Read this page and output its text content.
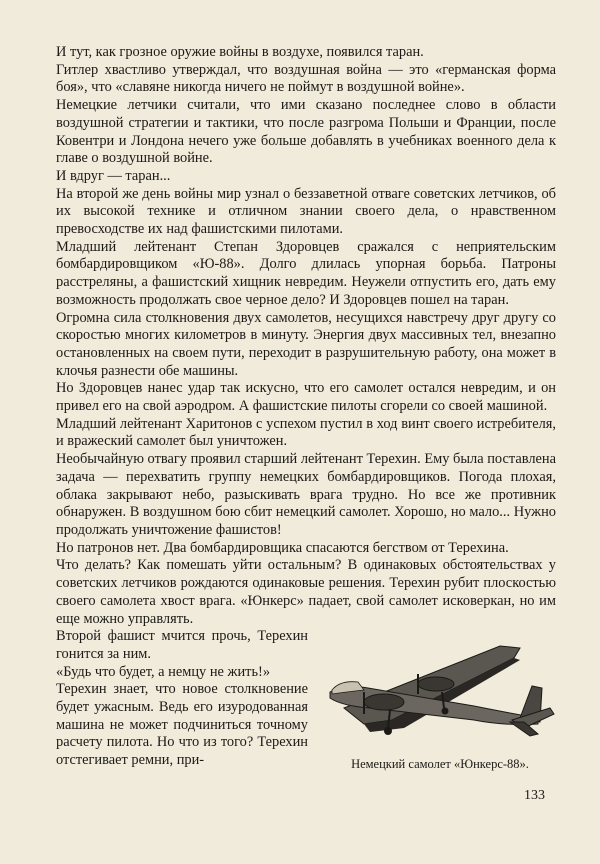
И тут, как грозное оружие войны в воздухе, появился таран.

Гитлер хвастливо утверждал, что воздушная война — это «германская форма боя», что «славяне никогда ничего не поймут в воздушной войне».

Немецкие летчики считали, что ими сказано последнее слово в области воздушной стратегии и тактики, что после разгрома Польши и Франции, после Ковентри и Лондона нечего уже больше добавлять в учебниках военного дела к главе о воздушной войне.

И вдруг — таран...

На второй же день войны мир узнал о беззаветной отваге советских летчиков, об их высокой технике и отличном знании своего дела, о нравственном превосходстве их над фашистскими пилотами.

Младший лейтенант Степан Здоровцев сражался с неприятельским бомбардировщиком «Ю-88». Долго длилась упорная борьба. Патроны расстреляны, а фашистский хищник невредим. Неужели отпустить его, дать ему возможность продолжать свое черное дело? И Здоровцев пошел на таран.

Огромна сила столкновения двух самолетов, несущихся навстречу друг другу со скоростью многих километров в минуту. Энергия двух массивных тел, внезапно остановленных на своем пути, переходит в разрушительную работу, она может в клочья разнести обе машины.

Но Здоровцев нанес удар так искусно, что его самолет остался невредим, и он привел его на свой аэродром. А фашистские пилоты сгорели со своей машиной.

Младший лейтенант Харитонов с успехом пустил в ход винт своего истребителя, и вражеский самолет был уничтожен.

Необычайную отвагу проявил старший лейтенант Терехин. Ему была поставлена задача — перехватить группу немецких бомбардировщиков. Погода плохая, облака закрывают небо, разыскивать врага трудно. Но все же противник обнаружен. В воздушном бою сбит немецкий самолет. Хорошо, но мало... Нужно продолжать уничтожение фашистов!

Но патронов нет. Два бомбардировщика спасаются бегством от Терехина.

Что делать? Как помешать уйти остальным? В одинаковых обстоятельствах у советских летчиков рождаются одинаковые решения. Терехин рубит плоскостью своего самолета хвост врага. «Юнкерс» падает, свой самолет исковеркан, но им еще можно управлять.

Немецкий самолет «Юнкерс-88».

Второй фашист мчится прочь, Терехин гонится за ним.

«Будь что будет, а немцу не жить!»

Терехин знает, что новое столкновение будет ужасным. Ведь его изуродованная машина не может подчиниться точному расчету пилота. Но что из того? Терехин отстегивает ремни, при-

133
